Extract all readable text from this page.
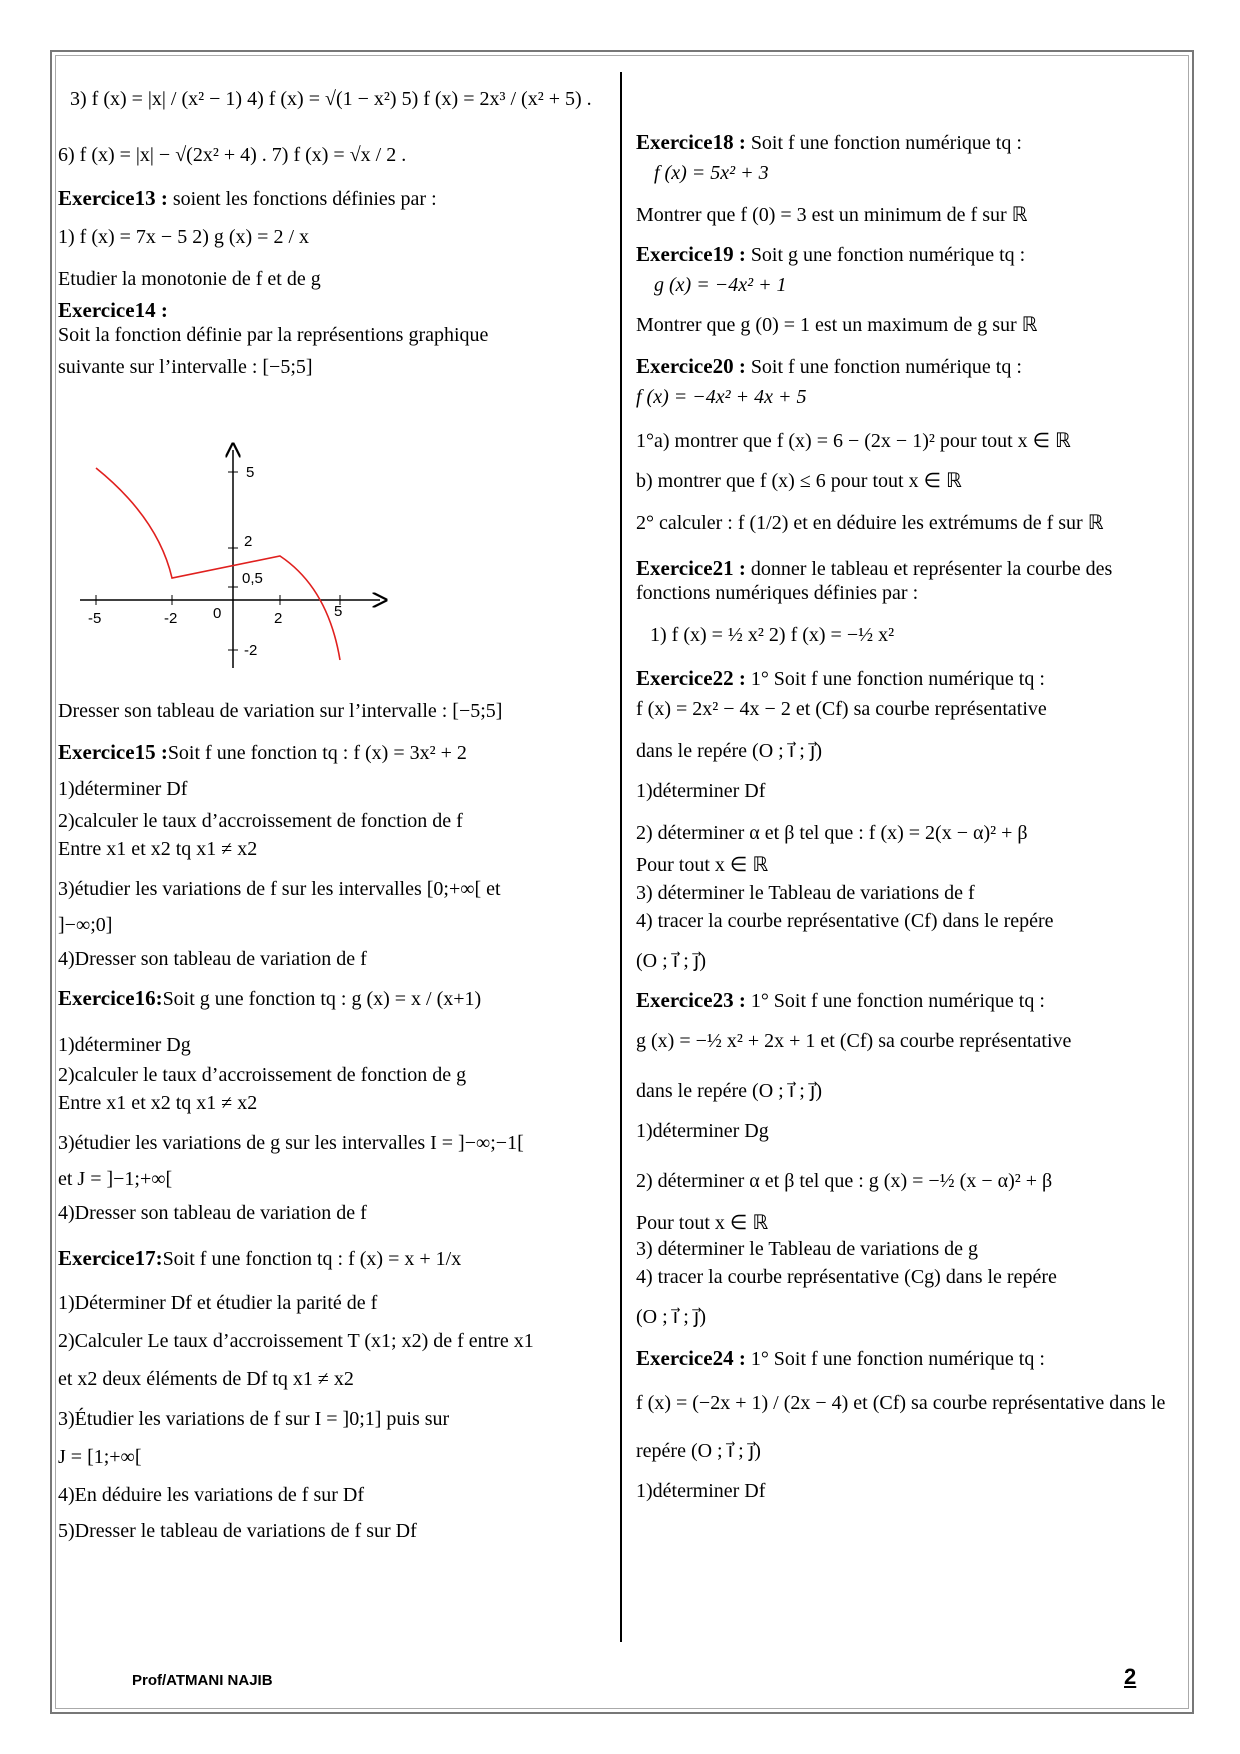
3) f (x) = |x| / (x² − 1) 4) f (x) = √(1 − x²) 5) f (x) = 2x³ / (x² + 5) .
6) f (x) = |x| − √(2x² + 4) . 7) f (x) = √x / 2 .
Exercice13 : soient les fonctions définies par :
1) f (x) = 7x − 5 2) g (x) = 2 / x
Etudier la monotonie de f et de g
Exercice14 :
Soit la fonction définie par la représentions graphique
suivante sur l’intervalle : [−5;5]
5
2
0,5
-2
-5	-2 0	2	5
Dresser son tableau de variation sur l’intervalle : [−5;5]
Exercice15 :Soit f une fonction tq : f (x) = 3x² + 2
1)déterminer Df
2)calculer le taux d’accroissement de fonction de f
Entre x1 et x2 tq x1 ≠ x2
3)étudier les variations de f sur les intervalles [0;+∞[ et
]−∞;0]
4)Dresser son tableau de variation de f
Exercice16:Soit g une fonction tq : g (x) = x / (x+1)
1)déterminer Dg
2)calculer le taux d’accroissement de fonction de g
Entre x1 et x2 tq x1 ≠ x2
3)étudier les variations de g sur les intervalles I = ]−∞;−1[
et J = ]−1;+∞[
4)Dresser son tableau de variation de f
Exercice17:Soit f une fonction tq : f (x) = x + 1/x
1)Déterminer Df et étudier la parité de f
2)Calculer Le taux d’accroissement T (x1; x2) de f entre x1
et x2 deux éléments de Df tq x1 ≠ x2
3)Étudier les variations de f sur I = ]0;1] puis sur
J = [1;+∞[
4)En déduire les variations de f sur Df
5)Dresser le tableau de variations de f sur Df
Exercice18 : Soit f une fonction numérique tq :
f (x) = 5x² + 3
Montrer que f (0) = 3 est un minimum de f sur ℝ
Exercice19 : Soit g une fonction numérique tq :
g (x) = −4x² + 1
Montrer que g (0) = 1 est un maximum de g sur ℝ
Exercice20 : Soit f une fonction numérique tq :
f (x) = −4x² + 4x + 5
1°a) montrer que f (x) = 6 − (2x − 1)² pour tout x ∈ ℝ
b) montrer que f (x) ≤ 6 pour tout x ∈ ℝ
2° calculer : f (1/2) et en déduire les extrémums de f sur ℝ
Exercice21 : donner le tableau et représenter la courbe des
fonctions numériques définies par :
1) f (x) = ½ x² 2) f (x) = −½ x²
Exercice22 : 1° Soit f une fonction numérique tq :
f (x) = 2x² − 4x − 2 et (Cf) sa courbe représentative
dans le repére (O ; i⃗ ; j⃗)
1)déterminer Df
2) déterminer α et β tel que : f (x) = 2(x − α)² + β
Pour tout x ∈ ℝ
3) déterminer le Tableau de variations de f
4) tracer la courbe représentative (Cf) dans le repére
(O ; i⃗ ; j⃗)
Exercice23 : 1° Soit f une fonction numérique tq :
g (x) = −½ x² + 2x + 1 et (Cf) sa courbe représentative
dans le repére (O ; i⃗ ; j⃗)
1)déterminer Dg
2) déterminer α et β tel que : g (x) = −½ (x − α)² + β
Pour tout x ∈ ℝ
3) déterminer le Tableau de variations de g
4) tracer la courbe représentative (Cg) dans le repére
(O ; i⃗ ; j⃗)
Exercice24 : 1° Soit f une fonction numérique tq :
f (x) = (−2x + 1) / (2x − 4) et (Cf) sa courbe représentative dans le
repére (O ; i⃗ ; j⃗)
1)déterminer Df
Prof/ATMANI NAJIB	2
